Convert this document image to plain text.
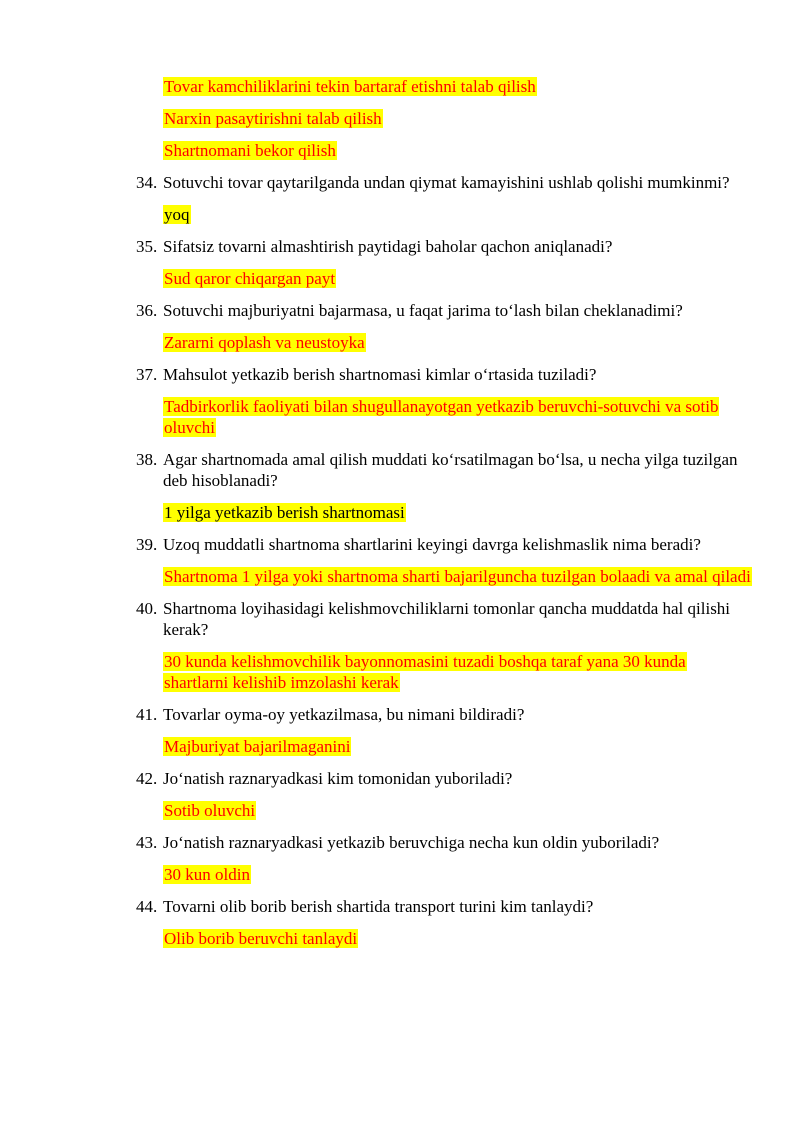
Tovar kamchiliklarini tekin bartaraf etishni talab qilish
Narxin pasaytirishni talab qilish
Shartnomani bekor qilish
34. Sotuvchi tovar qaytarilganda undan qiymat kamayishini ushlab qolishi mumkinmi?
yoq
35. Sifatsiz tovarni almashtirish paytidagi baholar qachon aniqlanadi?
Sud qaror chiqargan payt
36. Sotuvchi majburiyatni bajarmasa, u faqat jarima to‘lash bilan cheklanadimi?
Zararni qoplash va neustoyka
37. Mahsulot yetkazib berish shartnomasi kimlar o‘rtasida tuziladi?
Tadbirkorlik faoliyati bilan shugullanayotgan yetkazib beruvchi-sotuvchi va sotib oluvchi
38. Agar shartnomada amal qilish muddati ko‘rsatilmagan bo‘lsa, u necha yilga tuzilgan deb hisoblanadi?
1 yilga yetkazib berish shartnomasi
39. Uzoq muddatli shartnoma shartlarini keyingi davrga kelishmaslik nima beradi?
Shartnoma 1 yilga yoki shartnoma sharti bajarilguncha tuzilgan bolaadi va amal qiladi
40. Shartnoma loyihasidagi kelishmovchiliklarni tomonlar qancha muddatda hal qilishi kerak?
30 kunda kelishmovchilik bayonnomasini tuzadi boshqa taraf yana 30 kunda shartlarni kelishib imzolashi kerak
41. Tovarlar oyma-oy yetkazilmasa, bu nimani bildiradi?
Majburiyat bajarilmaganini
42. Jo‘natish raznaryadkasi kim tomonidan yuboriladi?
Sotib oluvchi
43. Jo‘natish raznaryadkasi yetkazib beruvchiga necha kun oldin yuboriladi?
30 kun oldin
44. Tovarni olib borib berish shartida transport turini kim tanlaydi?
Olib borib beruvchi tanlaydi
